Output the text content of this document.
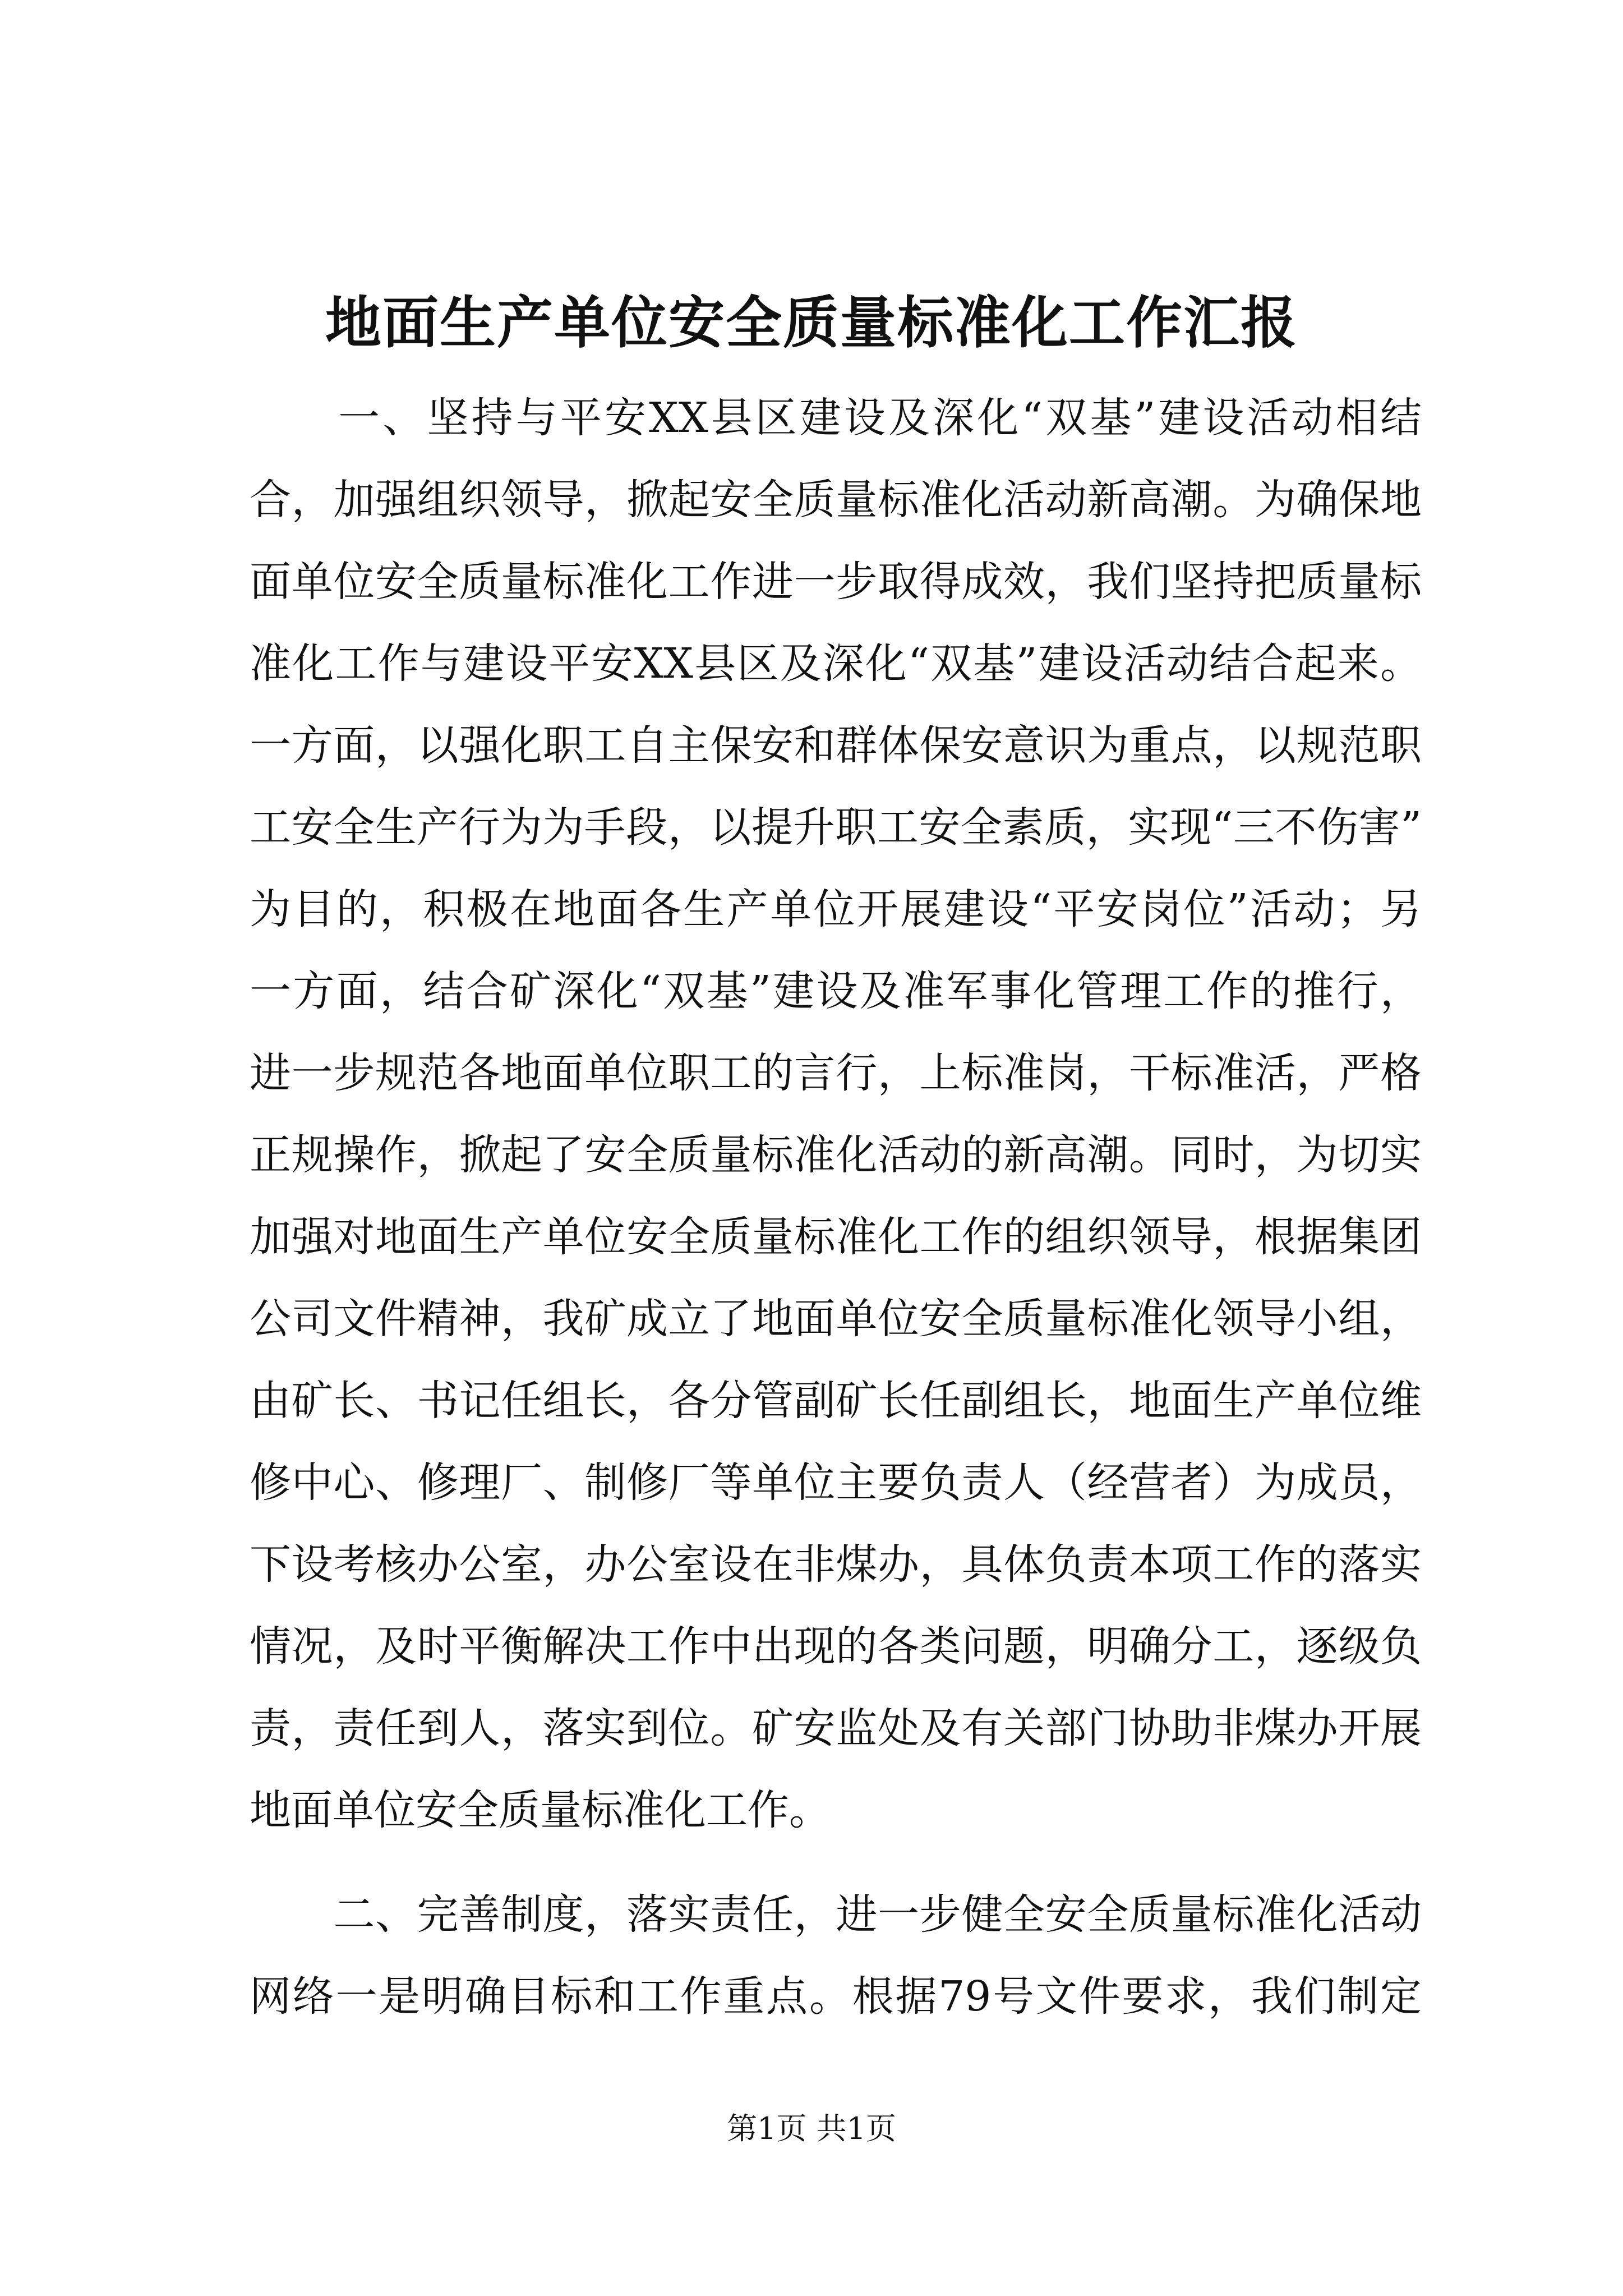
地面生产单位安全质量标准化工作汇报
　　一、坚持与平安XX县区建设及深化“双基”建设活动相结
合，加强组织领导，掀起安全质量标准化活动新高潮。为确保地
面单位安全质量标准化工作进一步取得成效，我们坚持把质量标
准化工作与建设平安XX县区及深化“双基”建设活动结合起来。
一方面，以强化职工自主保安和群体保安意识为重点，以规范职
工安全生产行为为手段，以提升职工安全素质，实现“三不伤害”
为目的，积极在地面各生产单位开展建设“平安岗位”活动；另
一方面，结合矿深化“双基”建设及准军事化管理工作的推行，
进一步规范各地面单位职工的言行，上标准岗，干标准活，严格
正规操作，掀起了安全质量标准化活动的新高潮。同时，为切实
加强对地面生产单位安全质量标准化工作的组织领导，根据集团
公司文件精神，我矿成立了地面单位安全质量标准化领导小组，
由矿长、书记任组长，各分管副矿长任副组长，地面生产单位维
修中心、修理厂、制修厂等单位主要负责人（经营者）为成员，
下设考核办公室，办公室设在非煤办，具体负责本项工作的落实
情况，及时平衡解决工作中出现的各类问题，明确分工，逐级负
责，责任到人，落实到位。矿安监处及有关部门协助非煤办开展
地面单位安全质量标准化工作。
　　二、完善制度，落实责任，进一步健全安全质量标准化活动
网络一是明确目标和工作重点。根据79号文件要求，我们制定
第1页 共1页
